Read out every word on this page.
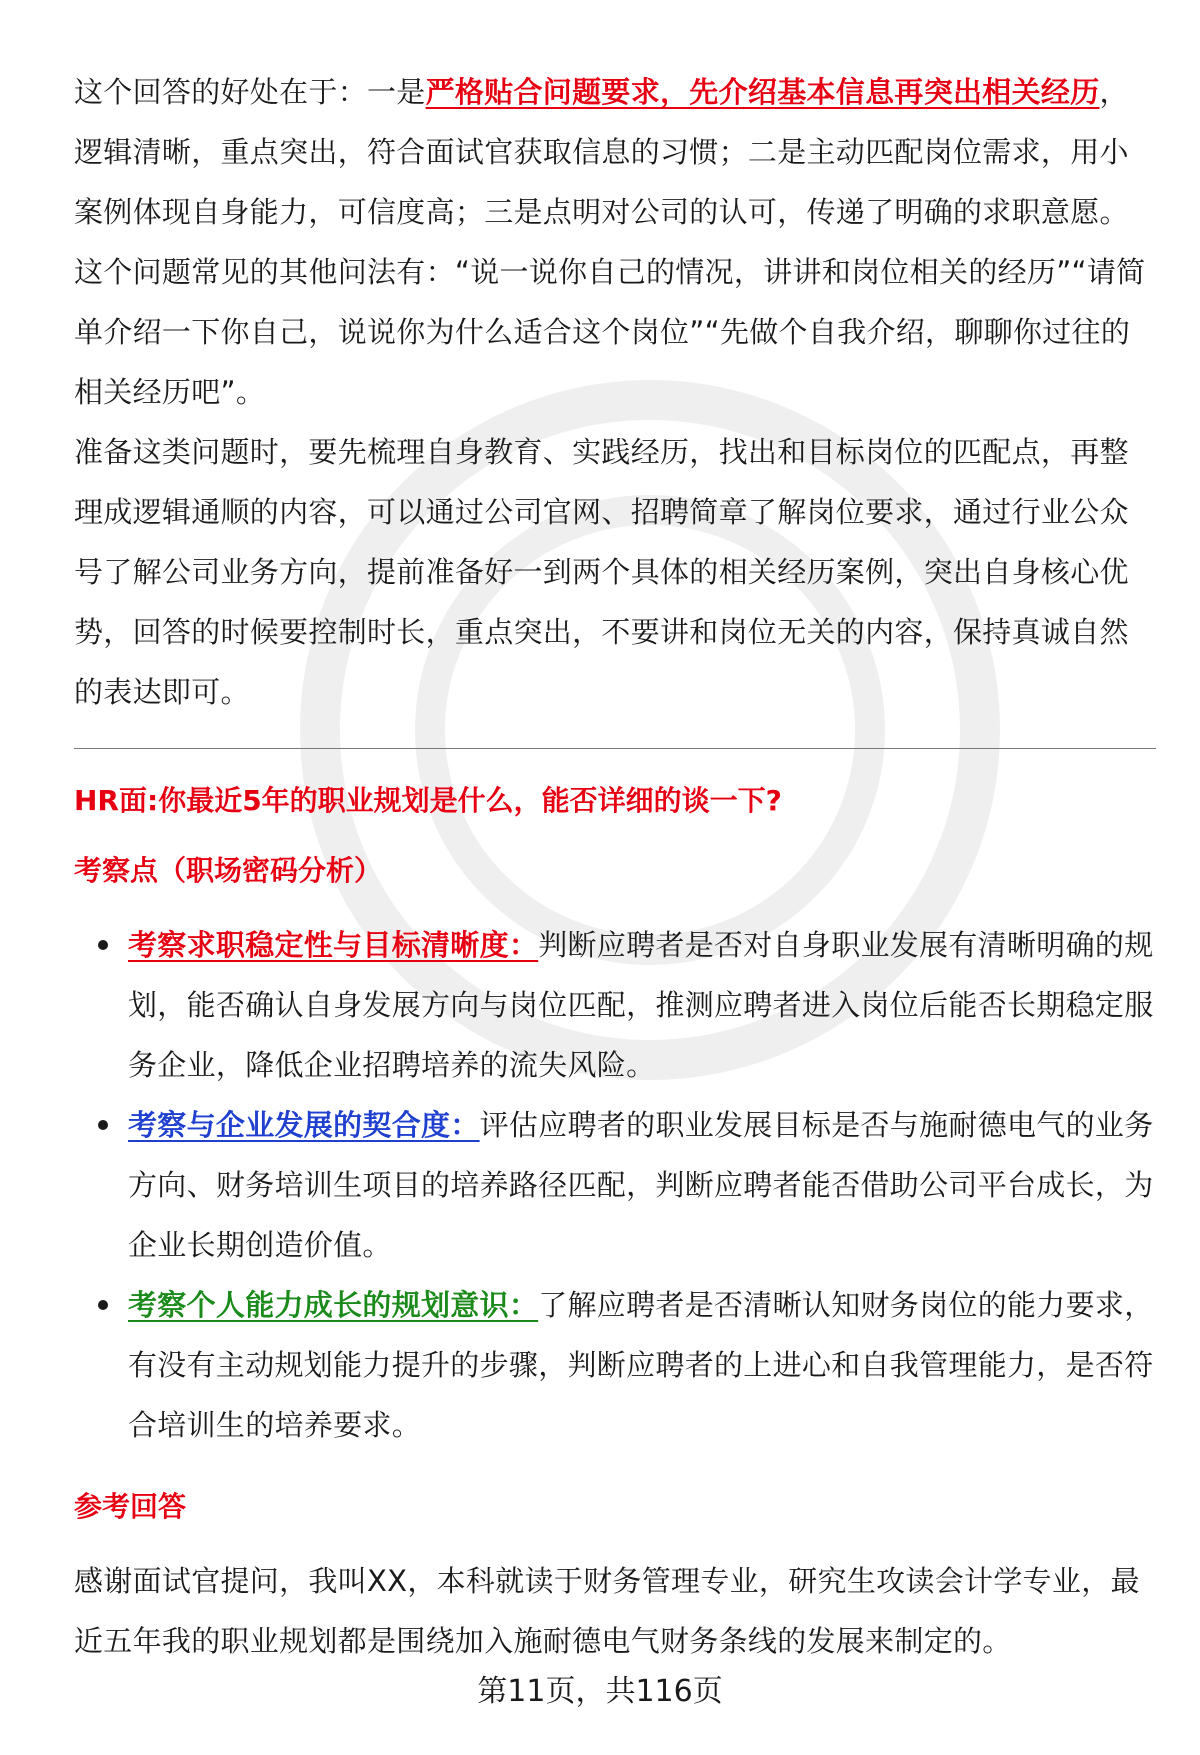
这个回答的好处在于：一是严格贴合问题要求，先介绍基本信息再突出相关经历，逻辑清晰，重点突出，符合面试官获取信息的习惯；二是主动匹配岗位需求，用小案例体现自身能力，可信度高；三是点明对公司的认可，传递了明确的求职意愿。

这个问题常见的其他问法有：“说一说你自己的情况，讲讲和岗位相关的经历”“请简单介绍一下你自己，说说你为什么适合这个岗位”“先做个自我介绍，聊聊你过往的相关经历吧”。

准备这类问题时，要先梳理自身教育、实践经历，找出和目标岗位的匹配点，再整理成逻辑通顺的内容，可以通过公司官网、招聘简章了解岗位要求，通过行业公众号了解公司业务方向，提前准备好一到两个具体的相关经历案例，突出自身核心优势，回答的时候要控制时长，重点突出，不要讲和岗位无关的内容，保持真诚自然的表达即可。

HR面:你最近5年的职业规划是什么，能否详细的谈一下?
考察点（职场密码分析）
考察求职稳定性与目标清晰度：判断应聘者是否对自身职业发展有清晰明确的规划，能否确认自身发展方向与岗位匹配，推测应聘者进入岗位后能否长期稳定服务企业，降低企业招聘培养的流失风险。
考察与企业发展的契合度：评估应聘者的职业发展目标是否与施耐德电气的业务方向、财务培训生项目的培养路径匹配，判断应聘者能否借助公司平台成长，为企业长期创造价值。
考察个人能力成长的规划意识：了解应聘者是否清晰认知财务岗位的能力要求，有没有主动规划能力提升的步骤，判断应聘者的上进心和自我管理能力，是否符合培训生的培养要求。
参考回答

感谢面试官提问，我叫XX，本科就读于财务管理专业，研究生攻读会计学专业，最近五年我的职业规划都是围绕加入施耐德电气财务条线的发展来制定的。

第11页，共116页
